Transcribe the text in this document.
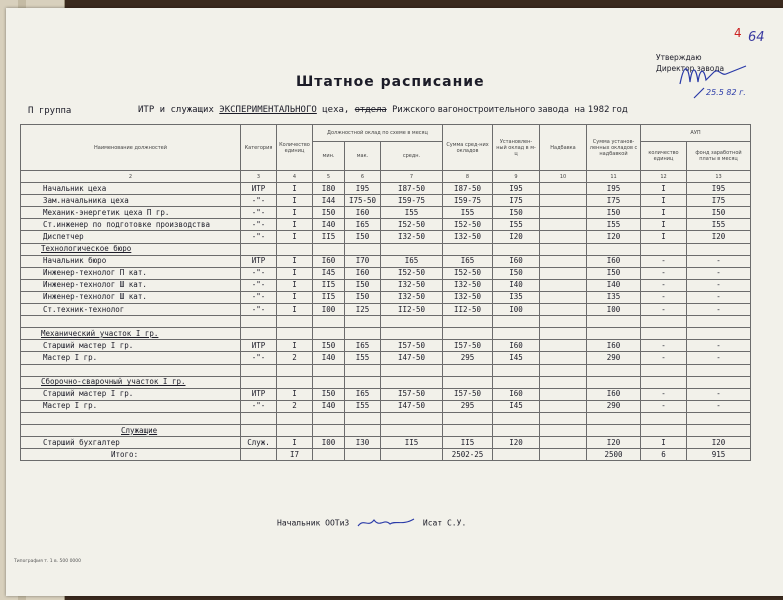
4 64
Утверждаю
Директор завода
25.5 82 г.
Штатное расписание
П группа	ИТР и служащих ЭКСПЕРИМЕНТАЛЬНОГО цеха, отдела Рижского вагоностроительного завода на 1982 год
Наименование должностей	Категория	Количество единиц	Должностной оклад по схеме в месяц			Сумма сред-них окладов	Установлен-ный оклад в м-ц	Надбавка	Сумма установ-ленных окладов с надбавкой	АУП	
			мин.	мак.	средн.					количество единиц	фонд заработной платы в месяц
2	3	4	5	6	7	8	9	10	11	12	13
Начальник цеха	ИТР	I	I80	I95	I87-50	I87-50	I95		I95	I	I95
Зам.начальника цеха	-"-	I	I44	I75-50	I59-75	I59-75	I75		I75	I	I75
Механик-энергетик цеха П гр.	-"-	I	I50	I60	I55	I55	I50		I50	I	I50
Ст.инженер по подготовке производства	-"-	I	I40	I65	I52-50	I52-50	I55		I55	I	I55
Диспетчер	-"-	I	II5	I50	I32-50	I32-50	I20		I20	I	I20
Технологическое бюро											
Начальник бюро	ИТР	I	I60	I70	I65	I65	I60		I60	-	-
Инженер-технолог П кат.	-"-	I	I45	I60	I52-50	I52-50	I50		I50	-	-
Инженер-технолог Ш кат.	-"-	I	II5	I50	I32-50	I32-50	I40		I40	-	-
Инженер-технолог Ш кат.	-"-	I	II5	I50	I32-50	I32-50	I35		I35	-	-
Ст.техник-технолог	-"-	I	I00	I25	II2-50	II2-50	I00		I00	-	-

Механический участок I гр.											
Старший мастер I гр.	ИТР	I	I50	I65	I57-50	I57-50	I60		I60	-	-
Мастер I гр.	-"-	2	I40	I55	I47-50	295	I45		290	-	-

Сборочно-сварочный участок I гр.											
Старший мастер I гр.	ИТР	I	I50	I65	I57-50	I57-50	I60		I60	-	-
Мастер I гр.	-"-	2	I40	I55	I47-50	295	I45		290	-	-

Служащие											
Старший бухгалтер	Служ.	I	I00	I30	II5	II5	I20		I20	I	I20
Итого:		I7				2502-25			2500	6	915
Начальник ООТиЗ	Исат С.У.
Типография т. 1 в. 500 0000
